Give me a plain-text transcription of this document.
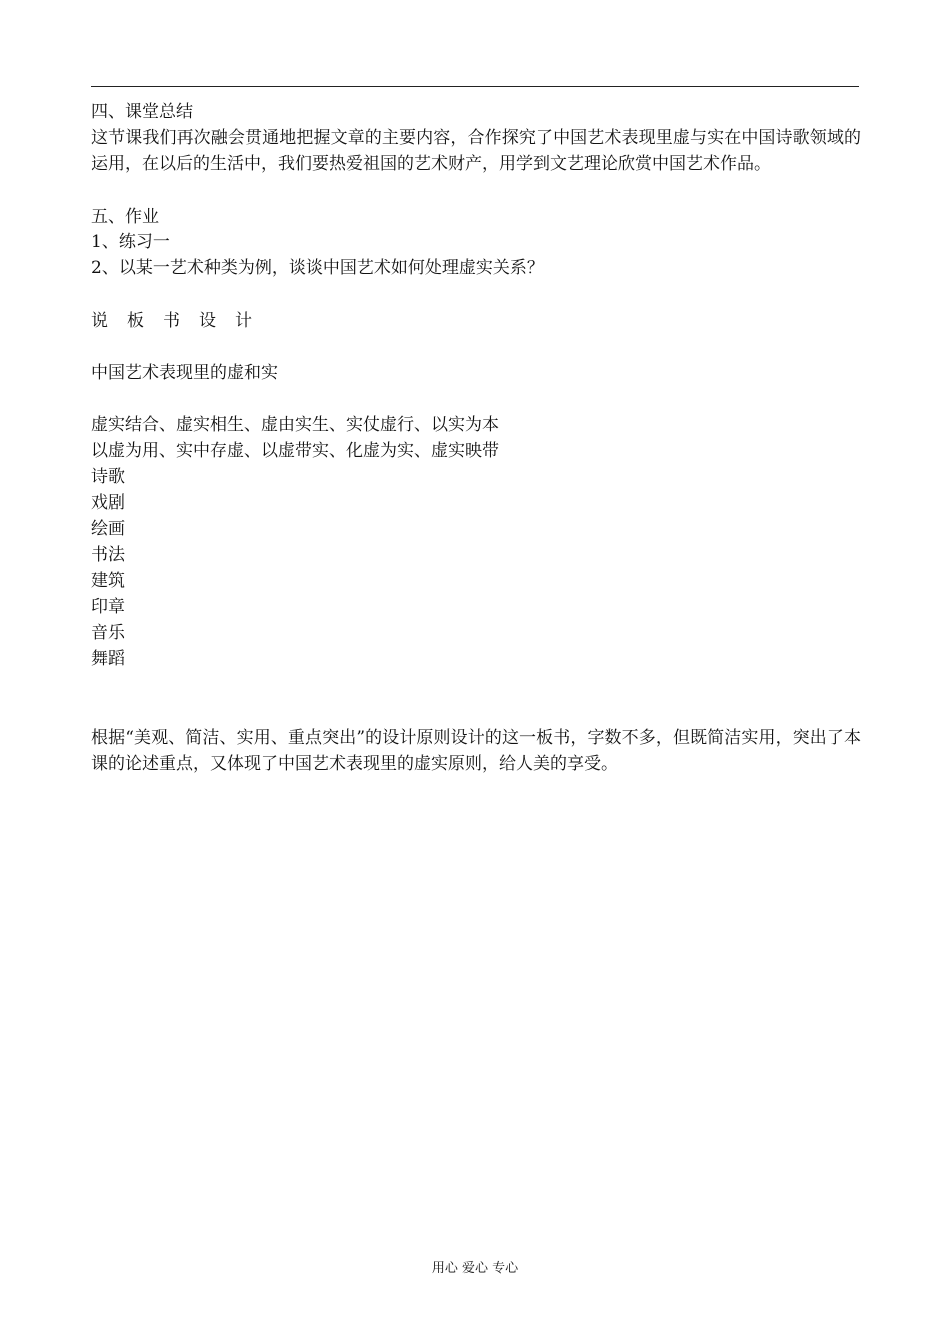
四、课堂总结
这节课我们再次融会贯通地把握文章的主要内容，合作探究了中国艺术表现里虚与实在中国诗歌领域的运用，在以后的生活中，我们要热爱祖国的艺术财产，用学到文艺理论欣赏中国艺术作品。
五、作业
1、练习一
2、以某一艺术种类为例，谈谈中国艺术如何处理虚实关系？
说板书设计
中国艺术表现里的虚和实
虚实结合、虚实相生、虚由实生、实仗虚行、以实为本
以虚为用、实中存虚、以虚带实、化虚为实、虚实映带
诗歌
戏剧
绘画
书法
建筑
印章
音乐
舞蹈
根据“美观、简洁、实用、重点突出”的设计原则设计的这一板书，字数不多，但既简洁实用，突出了本课的论述重点，又体现了中国艺术表现里的虚实原则，给人美的享受。
用心 爱心 专心
